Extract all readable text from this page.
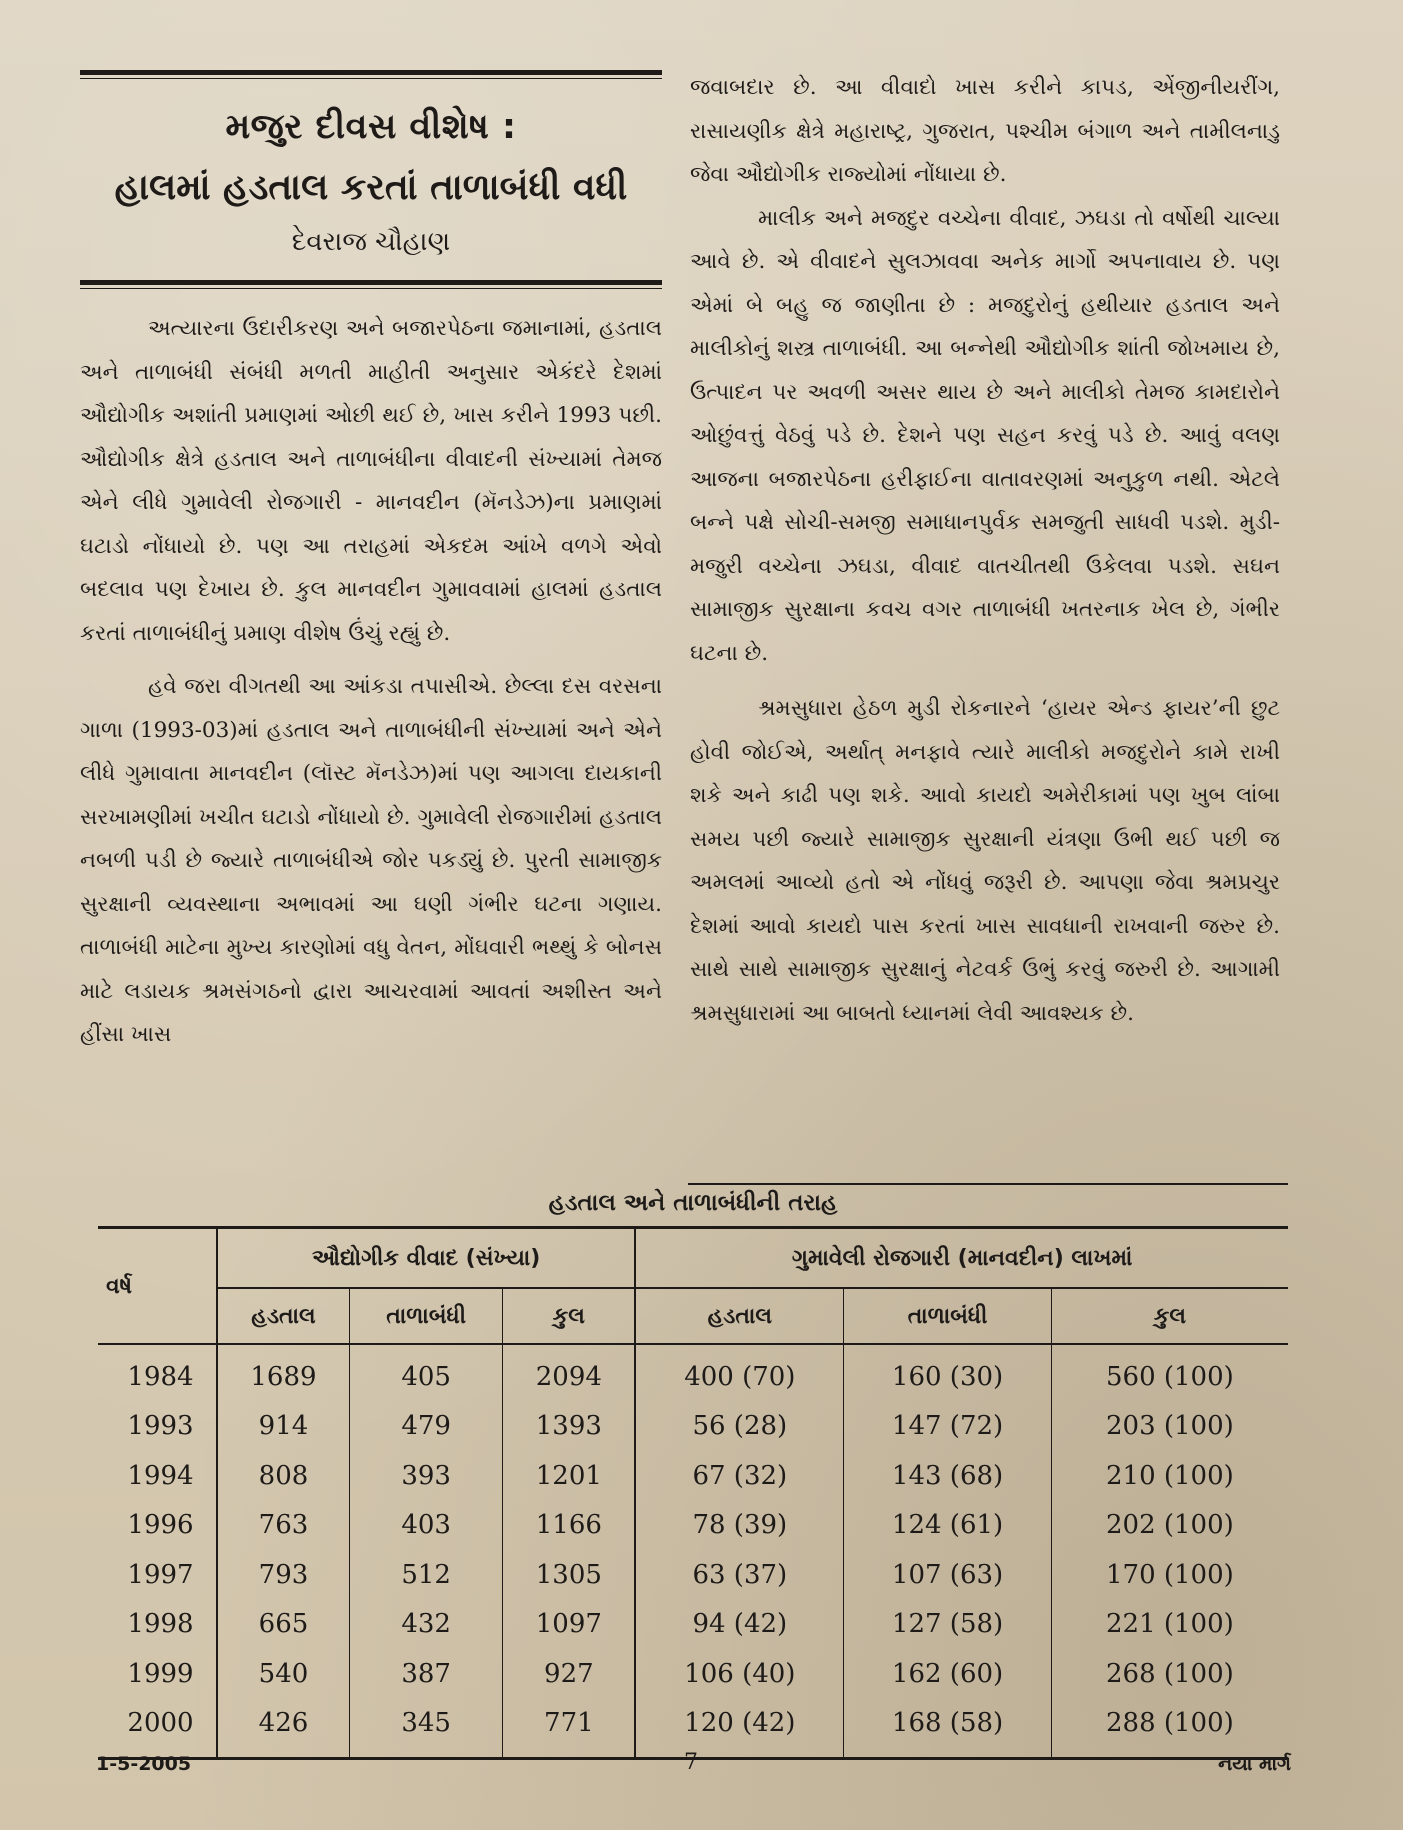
મજુર દીવસ વીશેષ :
હાલમાં હડતાલ કરતાં તાળાબંધી વધી
દેવરાજ ચૌહાણ

અત્યારના ઉદારીકરણ અને બજારપેઠના જમાનામાં, હડતાલ અને તાળાબંધી સંબંધી મળતી માહીતી અનુસાર એકંદરે દેશમાં ઔદ્યોગીક અશાંતી પ્રમાણમાં ઓછી થઈ છે, ખાસ કરીને 1993 પછી. ઔદ્યોગીક ક્ષેત્રે હડતાલ અને તાળાબંધીના વીવાદની સંખ્યામાં તેમજ એને લીધે ગુમાવેલી રોજગારી - માનવદીન (મૅનડેઝ)ના પ્રમાણમાં ઘટાડો નોંધાયો છે. પણ આ તરાહમાં એકદમ આંખે વળગે એવો બદલાવ પણ દેખાય છે. કુલ માનવદીન ગુમાવવામાં હાલમાં હડતાલ કરતાં તાળાબંધીનું પ્રમાણ વીશેષ ઉંચું રહ્યું છે.

હવે જરા વીગતથી આ આંકડા તપાસીએ. છેલ્લા દસ વરસના ગાળા (1993-03)માં હડતાલ અને તાળાબંધીની સંખ્યામાં અને એને લીધે ગુમાવાતા માનવદીન (લૉસ્ટ મૅનડેઝ)માં પણ આગલા દાયકાની સરખામણીમાં ખચીત ઘટાડો નોંધાયો છે. ગુમાવેલી રોજગારીમાં હડતાલ નબળી પડી છે જ્યારે તાળાબંધીએ જોર પકડ્યું છે. પુરતી સામાજીક સુરક્ષાની વ્યવસ્થાના અભાવમાં આ ઘણી ગંભીર ઘટના ગણાય. તાળાબંધી માટેના મુખ્ય કારણોમાં વધુ વેતન, મોંઘવારી ભથ્થું કે બોનસ માટે લડાયક શ્રમસંગઠનો દ્વારા આચરવામાં આવતાં અશીસ્ત અને હીંસા ખાસ

જવાબદાર છે. આ વીવાદો ખાસ કરીને કાપડ, એંજીનીયરીંગ, રાસાયણીક ક્ષેત્રે મહારાષ્ટ્ર, ગુજરાત, પશ્ચીમ બંગાળ અને તામીલનાડુ જેવા ઔદ્યોગીક રાજ્યોમાં નોંધાયા છે.

માલીક અને મજદુર વચ્ચેના વીવાદ, ઝઘડા તો વર્ષોથી ચાલ્યા આવે છે. એ વીવાદને સુલઝાવવા અનેક માર્ગો અપનાવાય છે. પણ એમાં બે બહુ જ જાણીતા છે : મજદુરોનું હથીયાર હડતાલ અને માલીકોનું શસ્ત્ર તાળાબંધી. આ બન્નેથી ઔદ્યોગીક શાંતી જોખમાય છે, ઉત્પાદન પર અવળી અસર થાય છે અને માલીકો તેમજ કામદારોને ઓછુંવત્તું વેઠવું પડે છે. દેશને પણ સહન કરવું પડે છે. આવું વલણ આજના બજારપેઠના હરીફાઈના વાતાવરણમાં અનુકુળ નથી. એટલે બન્ને પક્ષે સોચી-સમજી સમાધાનપુર્વક સમજુતી સાધવી પડશે. મુડી-મજુરી વચ્ચેના ઝઘડા, વીવાદ વાતચીતથી ઉકેલવા પડશે. સઘન સામાજીક સુરક્ષાના કવચ વગર તાળાબંધી ખતરનાક ખેલ છે, ગંભીર ઘટના છે.

શ્રમસુધારા હેઠળ મુડી રોકનારને ‘હાયર એન્ડ ફાયર’ની છુટ હોવી જોઈએ, અર્થાત્ મનફાવે ત્યારે માલીકો મજદુરોને કામે રાખી શકે અને કાઢી પણ શકે. આવો કાયદો અમેરીકામાં પણ ખુબ લાંબા સમય પછી જ્યારે સામાજીક સુરક્ષાની યંત્રણા ઉભી થઈ પછી જ અમલમાં આવ્યો હતો એ નોંધવું જરૂરી છે. આપણા જેવા શ્રમપ્રચુર દેશમાં આવો કાયદો પાસ કરતાં ખાસ સાવધાની રાખવાની જરુર છે. સાથે સાથે સામાજીક સુરક્ષાનું નેટવર્ક ઉભું કરવું જરુરી છે. આગામી શ્રમસુધારામાં આ બાબતો ધ્યાનમાં લેવી આવશ્યક છે.

હડતાલ અને તાળાબંધીની તરાહ
વર્ષ	ઔદ્યોગીક વીવાદ (સંખ્યા)			ગુમાવેલી રોજગારી (માનવદીન) લાખમાં		
	હડતાલ	તાળાબંધી	કુલ	હડતાલ	તાળાબંધી	કુલ
1984	1689	405	2094	400 (70)	160 (30)	560 (100)
1993	914	479	1393	56 (28)	147 (72)	203 (100)
1994	808	393	1201	67 (32)	143 (68)	210 (100)
1996	763	403	1166	78 (39)	124 (61)	202 (100)
1997	793	512	1305	63 (37)	107 (63)	170 (100)
1998	665	432	1097	94 (42)	127 (58)	221 (100)
1999	540	387	927	106 (40)	162 (60)	268 (100)
2000	426	345	771	120 (42)	168 (58)	288 (100)
1-5-2005	7	નયા માર્ગ
